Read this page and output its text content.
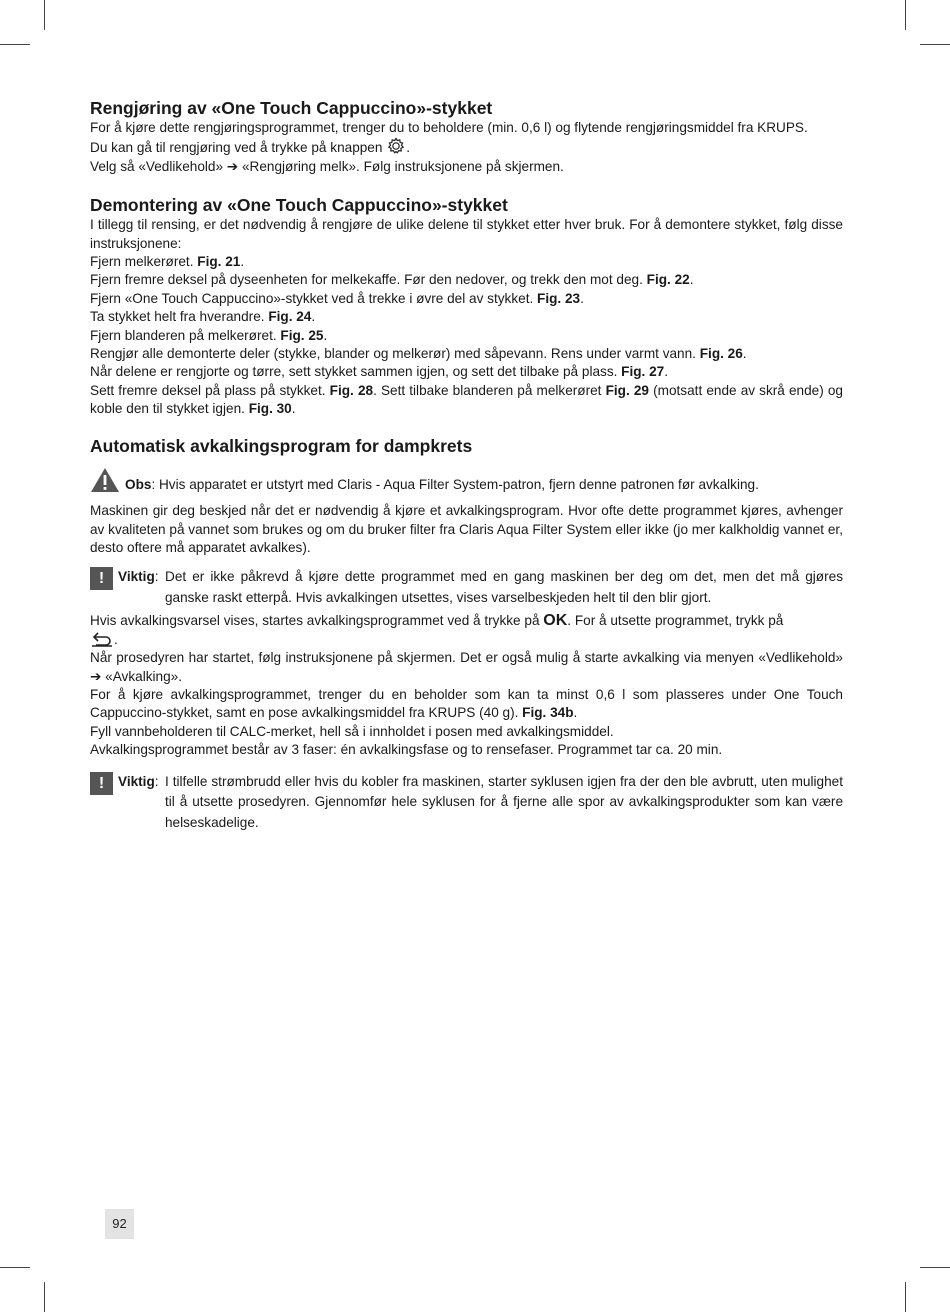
Rengjøring av «One Touch Cappuccino»-stykket

For å kjøre dette rengjøringsprogrammet, trenger du to beholdere (min. 0,6 l) og flytende rengjøringsmiddel fra KRUPS.

Du kan gå til rengjøring ved å trykke på knappen .

Velg så «Vedlikehold» ➔ «Rengjøring melk». Følg instruksjonene på skjermen.

Demontering av «One Touch Cappuccino»-stykket

I tillegg til rensing, er det nødvendig å rengjøre de ulike delene til stykket etter hver bruk. For å demontere stykket, følg disse instruksjonene:

Fjern melkerøret. Fig. 21.

Fjern fremre deksel på dyseenheten for melkekaffe. Før den nedover, og trekk den mot deg. Fig. 22.

Fjern «One Touch Cappuccino»-stykket ved å trekke i øvre del av stykket. Fig. 23.

Ta stykket helt fra hverandre. Fig. 24.

Fjern blanderen på melkerøret. Fig. 25.

Rengjør alle demonterte deler (stykke, blander og melkerør) med såpevann. Rens under varmt vann. Fig. 26.

Når delene er rengjorte og tørre, sett stykket sammen igjen, og sett det tilbake på plass. Fig. 27.

Sett fremre deksel på plass på stykket. Fig. 28. Sett tilbake blanderen på melkerøret Fig. 29 (motsatt ende av skrå ende) og koble den til stykket igjen. Fig. 30.

Automatisk avkalkingsprogram for dampkrets

Obs: Hvis apparatet er utstyrt med Claris - Aqua Filter System-patron, fjern denne patronen før avkalking.

Maskinen gir deg beskjed når det er nødvendig å kjøre et avkalkingsprogram. Hvor ofte dette programmet kjøres, avhenger av kvaliteten på vannet som brukes og om du bruker filter fra Claris Aqua Filter System eller ikke (jo mer kalkholdig vannet er, desto oftere må apparatet avkalkes).

!	Viktig: Det er ikke påkrevd å kjøre dette programmet med en gang maskinen ber deg om det, men det må gjøres ganske raskt etterpå. Hvis avkalkingen utsettes, vises varselbeskjeden helt til den blir gjort.

Hvis avkalkingsvarsel vises, startes avkalkingsprogrammet ved å trykke på OK. For å utsette programmet, trykk på

.

Når prosedyren har startet, følg instruksjonene på skjermen. Det er også mulig å starte avkalking via menyen «Vedlikehold» ➔ «Avkalking».

For å kjøre avkalkingsprogrammet, trenger du en beholder som kan ta minst 0,6 l som plasseres under One Touch Cappuccino-stykket, samt en pose avkalkingsmiddel fra KRUPS (40 g). Fig. 34b.

Fyll vannbeholderen til CALC-merket, hell så i innholdet i posen med avkalkingsmiddel.

Avkalkingsprogrammet består av 3 faser: én avkalkingsfase og to rensefaser. Programmet tar ca. 20 min.

!	Viktig: I tilfelle strømbrudd eller hvis du kobler fra maskinen, starter syklusen igjen fra der den ble avbrutt, uten mulighet til å utsette prosedyren. Gjennomfør hele syklusen for å fjerne alle spor av avkalkingsprodukter som kan være helseskadelige.
92
